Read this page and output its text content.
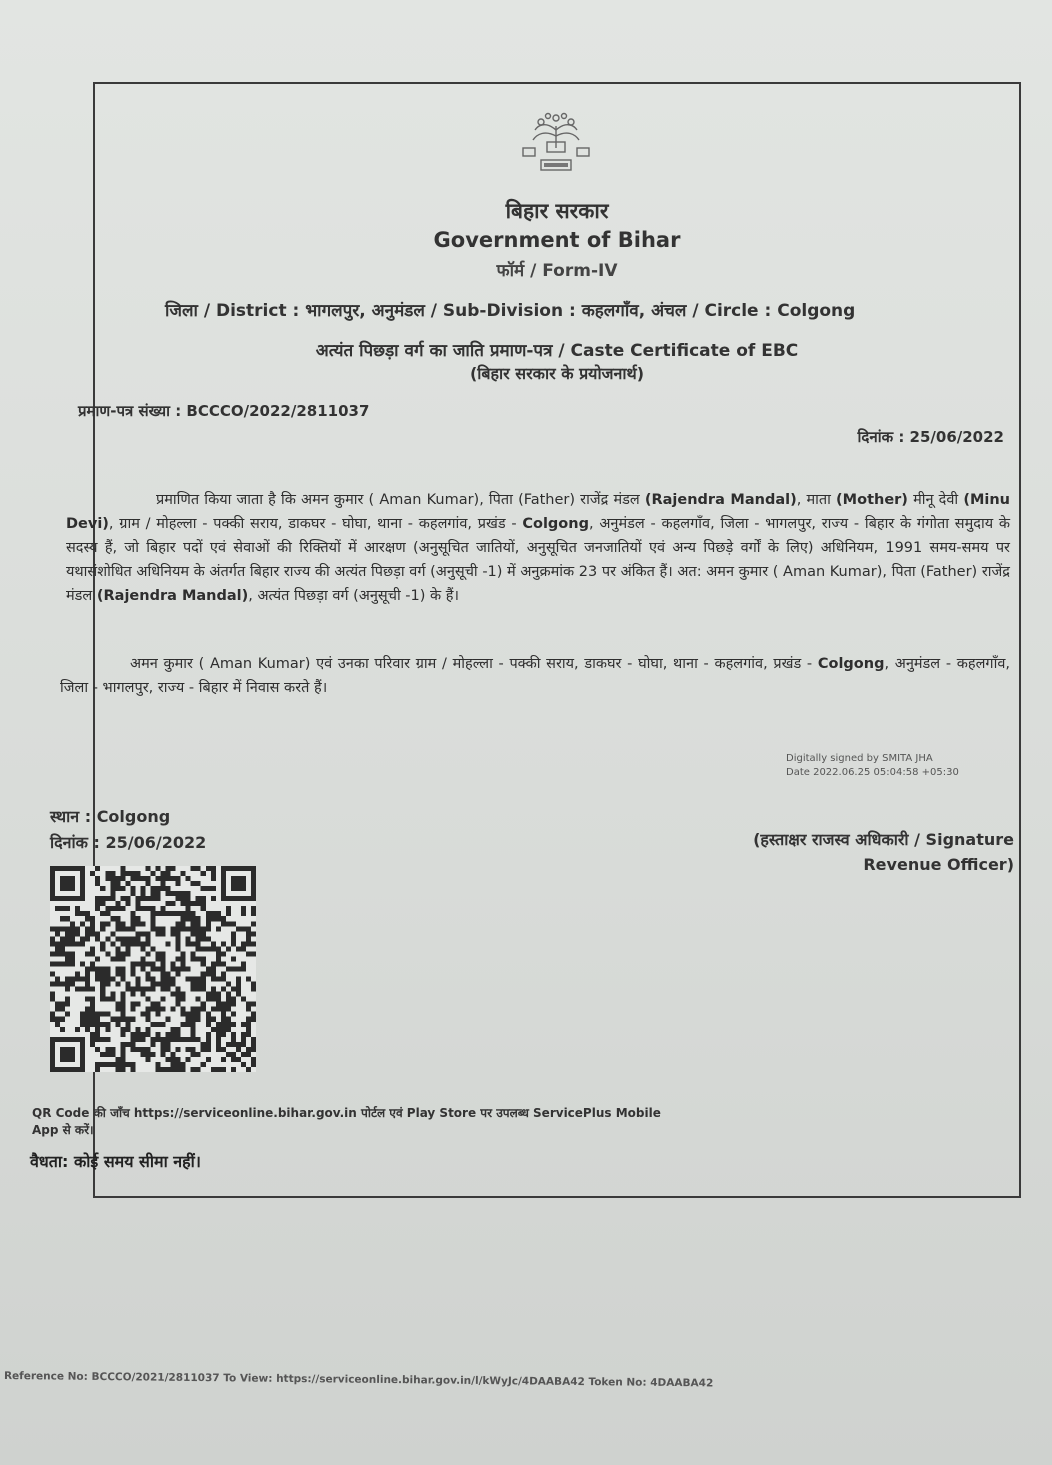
बिहार सरकार
Government of Bihar
फॉर्म / Form-IV
जिला / District : भागलपुर, अनुमंडल / Sub-Division : कहलगाँव, अंचल / Circle : Colgong
अत्यंत पिछड़ा वर्ग का जाति प्रमाण-पत्र / Caste Certificate of EBC
(बिहार सरकार के प्रयोजनार्थ)
प्रमाण-पत्र संख्या : BCCCO/2022/2811037
दिनांक : 25/06/2022
प्रमाणित किया जाता है कि अमन कुमार ( Aman Kumar), पिता (Father) राजेंद्र मंडल (Rajendra Mandal), माता (Mother) मीनू देवी (Minu Devi), ग्राम / मोहल्ला - पक्की सराय, डाकघर - घोघा, थाना - कहलगांव, प्रखंड - Colgong, अनुमंडल - कहलगाँव, जिला - भागलपुर, राज्य - बिहार के गंगोता समुदाय के सदस्य हैं, जो बिहार पदों एवं सेवाओं की रिक्तियों में आरक्षण (अनुसूचित जातियों, अनुसूचित जनजातियों एवं अन्य पिछड़े वर्गों के लिए) अधिनियम, 1991 समय-समय पर यथासंशोधित अधिनियम के अंतर्गत बिहार राज्य की अत्यंत पिछड़ा वर्ग (अनुसूची -1) में अनुक्रमांक 23 पर अंकित हैं। अत: अमन कुमार ( Aman Kumar), पिता (Father) राजेंद्र मंडल (Rajendra Mandal), अत्यंत पिछड़ा वर्ग (अनुसूची -1) के हैं।
अमन कुमार ( Aman Kumar) एवं उनका परिवार ग्राम / मोहल्ला - पक्की सराय, डाकघर - घोघा, थाना - कहलगांव, प्रखंड - Colgong, अनुमंडल - कहलगाँव, जिला - भागलपुर, राज्य - बिहार में निवास करते हैं।
Digitally signed by SMITA JHA
Date 2022.06.25 05:04:58 +05:30
स्थान : Colgong
दिनांक : 25/06/2022	(हस्ताक्षर राजस्व अधिकारी / Signature
Revenue Officer)
QR Code की जाँच https://serviceonline.bihar.gov.in पोर्टल एवं Play Store पर उपलब्ध ServicePlus Mobile App से करें।
वैधता: कोई समय सीमा नहीं।
Reference No: BCCCO/2021/2811037 To View: https://serviceonline.bihar.gov.in/l/kWyJc/4DAABA42 Token No: 4DAABA42
